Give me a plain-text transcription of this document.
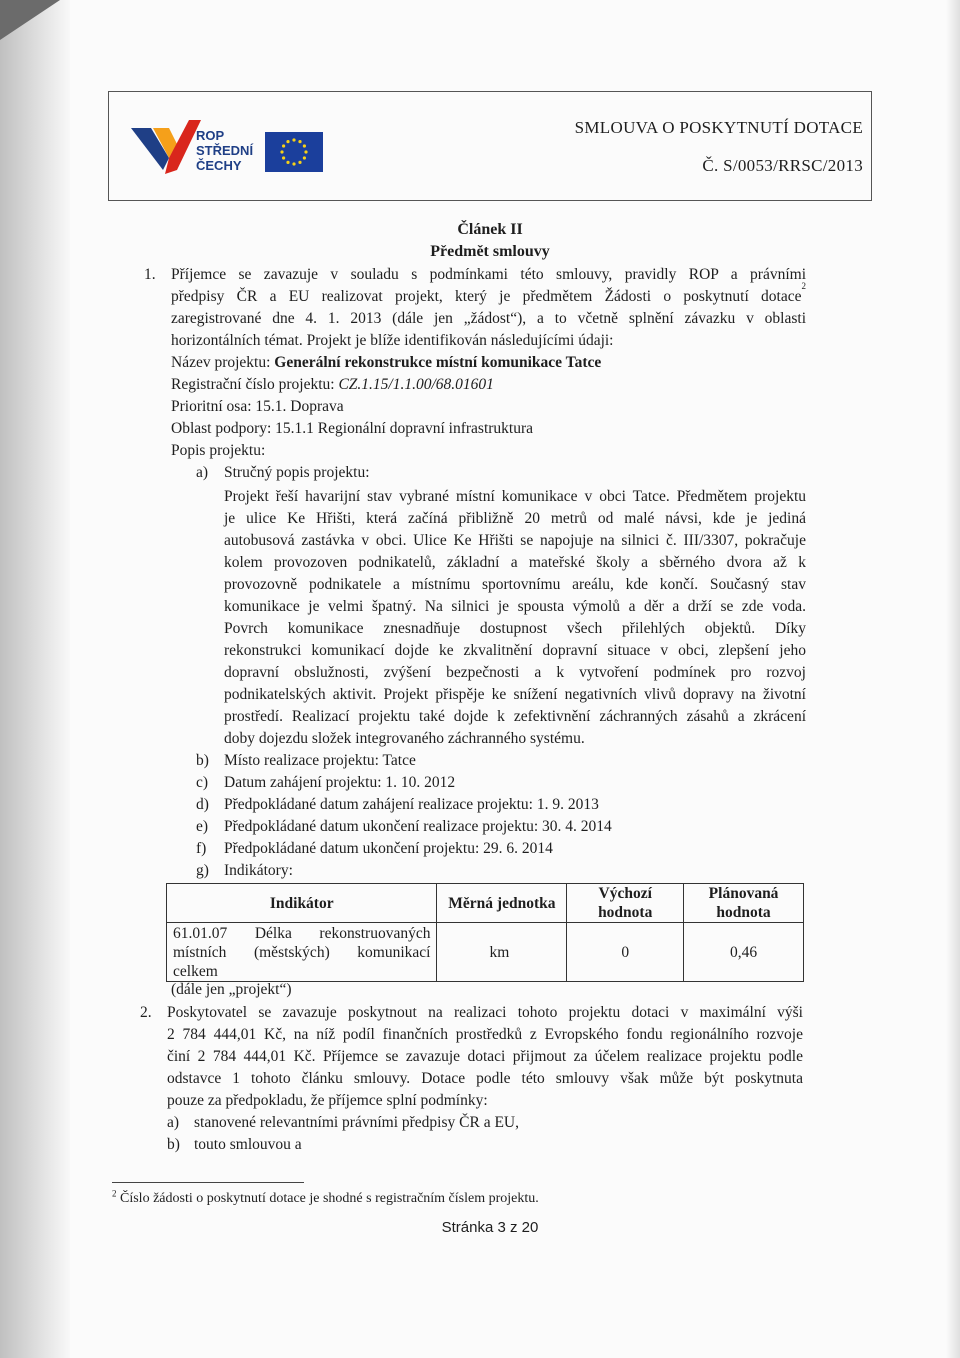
ROP
STŘEDNÍ
ČECHY
SMLOUVA O POSKYTNUTÍ DOTACE
Č. S/0053/RRSC/2013
Článek II
Předmět smlouvy
1. Příjemce se zavazuje v souladu s podmínkami této smlouvy, pravidly ROP a právními
předpisy ČR a EU realizovat projekt, který je předmětem Žádosti o poskytnutí dotace
2
zaregistrované dne 4. 1. 2013 (dále jen „žádost“), a to včetně splnění závazku v oblasti
horizontálních témat. Projekt je blíže identifikován následujícími údaji:
Název projektu: Generální rekonstrukce místní komunikace Tatce
Registrační číslo projektu: CZ.1.15/1.1.00/68.01601
Prioritní osa: 15.1. Doprava
Oblast podpory: 15.1.1 Regionální dopravní infrastruktura
Popis projektu:
a) Stručný popis projektu:
Projekt řeší havarijní stav vybrané místní komunikace v obci Tatce. Předmětem projektu
je ulice Ke Hřišti, která začíná přibližně 20 metrů od malé návsi, kde je jediná
autobusová zastávka v obci. Ulice Ke Hřišti se napojuje na silnici č. III/3307, pokračuje
kolem provozoven podnikatelů, základní a mateřské školy a sběrného dvora až k
provozovně podnikatele a místnímu sportovnímu areálu, kde končí. Současný stav
komunikace je velmi špatný. Na silnici je spousta výmolů a děr a drží se zde voda.
Povrch komunikace znesnadňuje dostupnost všech přilehlých objektů. Díky
rekonstrukci komunikací dojde ke zkvalitnění dopravní situace v obci, zlepšení jeho
dopravní obslužnosti, zvýšení bezpečnosti a k vytvoření podmínek pro rozvoj
podnikatelských aktivit. Projekt přispěje ke snížení negativních vlivů dopravy na životní
prostředí. Realizací projektu také dojde k zefektivnění záchranných zásahů a zkrácení
doby dojezdu složek integrovaného záchranného systému.
b) Místo realizace projektu: Tatce
c) Datum zahájení projektu: 1. 10. 2012
d) Předpokládané datum zahájení realizace projektu: 1. 9. 2013
e) Předpokládané datum ukončení realizace projektu: 30. 4. 2014
f) Předpokládané datum ukončení projektu: 29. 6. 2014
g) Indikátory:
Indikátor	Měrná jednotka	Výchozí hodnota	Plánovaná hodnota

61.01.07 Délka rekonstruovaných
místních (městských) komunikací
celkem	km	0	0,46
(dále jen „projekt“)
2. Poskytovatel se zavazuje poskytnout na realizaci tohoto projektu dotaci v maximální výši
2 784 444,01 Kč, na níž podíl finančních prostředků z Evropského fondu regionálního rozvoje
činí 2 784 444,01 Kč. Příjemce se zavazuje dotaci přijmout za účelem realizace projektu podle
odstavce 1 tohoto článku smlouvy. Dotace podle této smlouvy však může být poskytnuta
pouze za předpokladu, že příjemce splní podmínky:
a) stanovené relevantními právními předpisy ČR a EU,
b) touto smlouvou a
$^2$ Číslo žádosti o poskytnutí dotace je shodné s registračním číslem projektu.
Stránka 3 z 20
